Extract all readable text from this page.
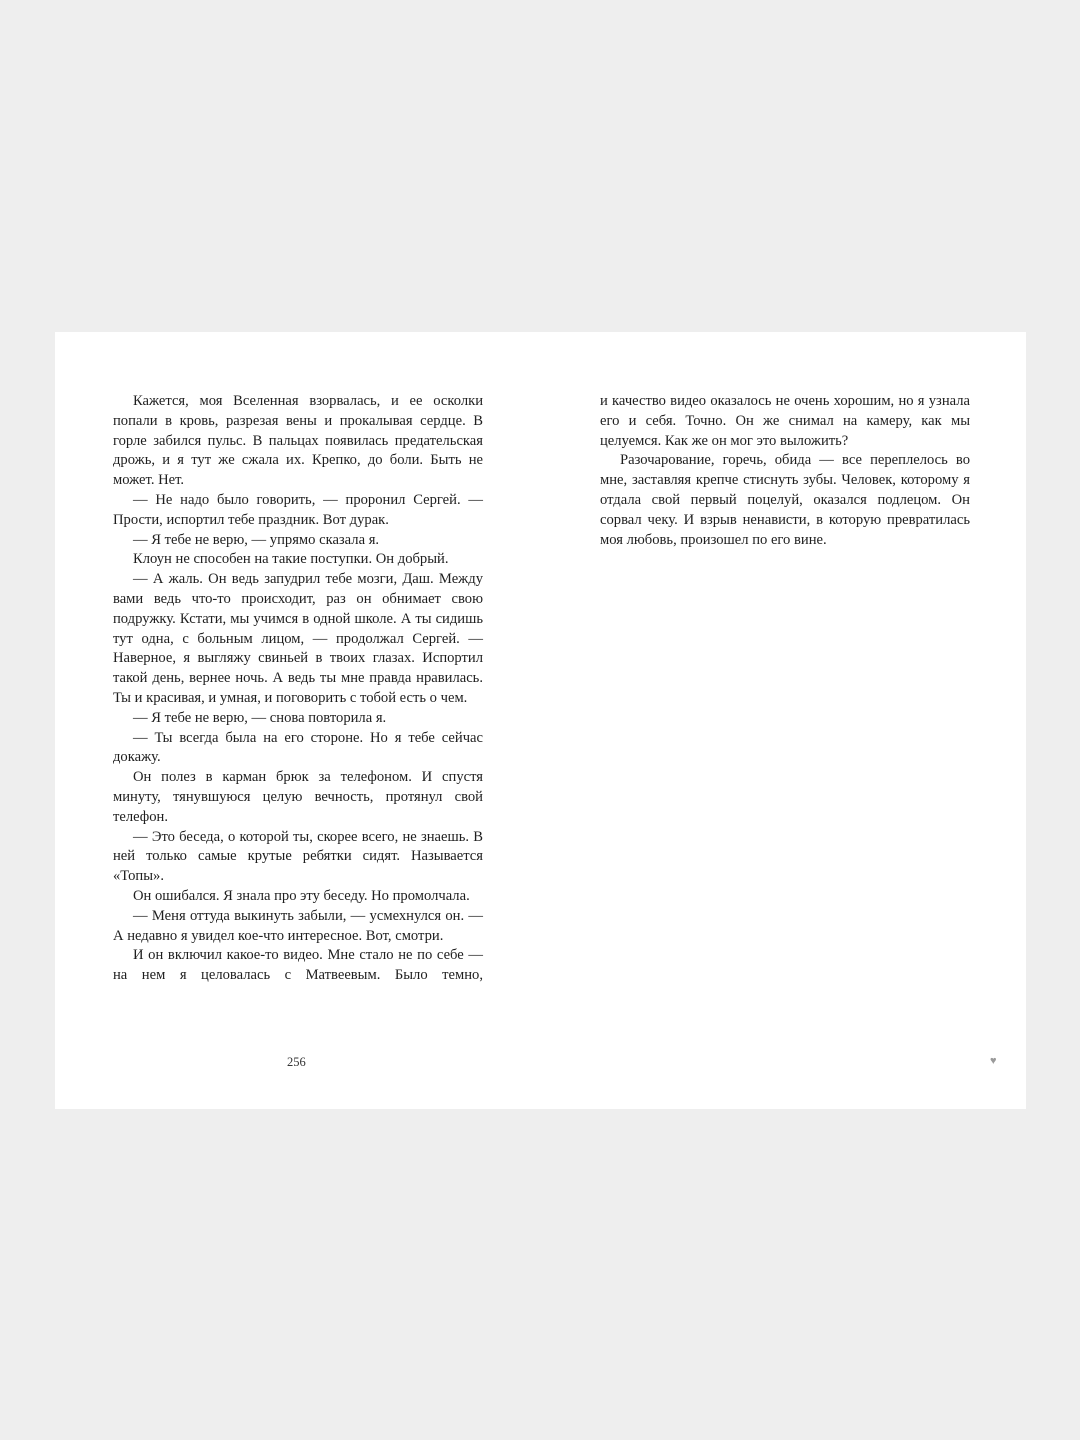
Кажется, моя Вселенная взорвалась, и ее осколки попали в кровь, разрезая вены и прокалывая сердце. В горле забился пульс. В пальцах появилась предательская дрожь, и я тут же сжала их. Крепко, до боли. Быть не может. Нет.

— Не надо было говорить, — проронил Сергей. — Прости, испортил тебе праздник. Вот дурак.

— Я тебе не верю, — упрямо сказала я.

Клоун не способен на такие поступки. Он добрый.

— А жаль. Он ведь запудрил тебе мозги, Даш. Между вами ведь что-то происходит, раз он обнимает свою подружку. Кстати, мы учимся в одной школе. А ты сидишь тут одна, с больным лицом, — продолжал Сергей. — Наверное, я выгляжу свиньей в твоих глазах. Испортил такой день, вернее ночь. А ведь ты мне правда нравилась. Ты и красивая, и умная, и поговорить с тобой есть о чем.

— Я тебе не верю, — снова повторила я.

— Ты всегда была на его стороне. Но я тебе сейчас докажу.

Он полез в карман брюк за телефоном. И спустя минуту, тянувшуюся целую вечность, протянул свой телефон.

— Это беседа, о которой ты, скорее всего, не знаешь. В ней только самые крутые ребятки сидят. Называется «Топы».

Он ошибался. Я знала про эту беседу. Но промолчала.

— Меня оттуда выкинуть забыли, — усмехнулся он. — А недавно я увидел кое-что интересное. Вот, смотри.

И он включил какое-то видео. Мне стало не по себе — на нем я целовалась с Матвеевым. Было темно,

и качество видео оказалось не очень хорошим, но я узнала его и себя. Точно. Он же снимал на камеру, как мы целуемся. Как же он мог это выложить?

Разочарование, горечь, обида — все переплелось во мне, заставляя крепче стиснуть зубы. Человек, которому я отдала свой первый поцелуй, оказался подлецом. Он сорвал чеку. И взрыв ненависти, в которую превратилась моя любовь, произошел по его вине.

256	♥
